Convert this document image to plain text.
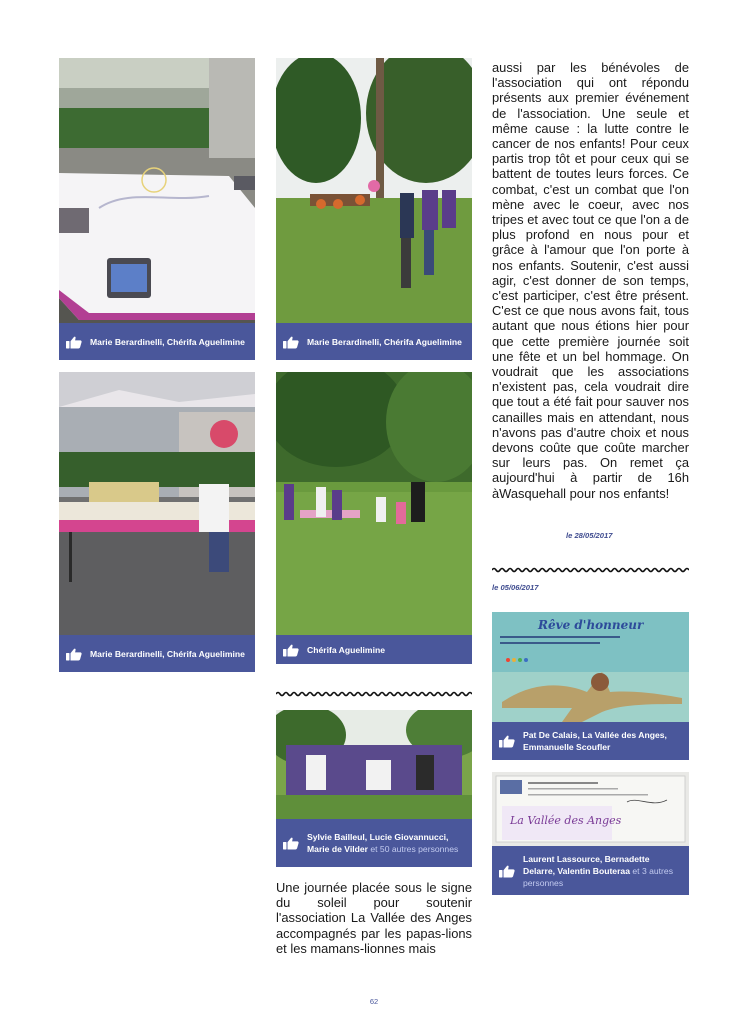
Marie Berardinelli, Chérifa Aguelimine	Marie Berardinelli, Chérifa Aguelimine
Marie Berardinelli, Chérifa Aguelimine	Chérifa Aguelimine
Sylvie Bailleul, Lucie Giovannucci, Marie de Vilder et 50 autres personnes

Une journée placée sous le signe du soleil pour soutenir l'association La Vallée des Anges accompagnés par les papas-lions et les mamans-lionnes mais

aussi par les bénévoles de l'association qui ont répondu présents aux premier événement de l'association. Une seule et même cause : la lutte contre le cancer de nos enfants! Pour ceux partis trop tôt et pour ceux qui se battent de toutes leurs forces. Ce combat, c'est un combat que l'on mène avec le coeur, avec nos tripes et avec tout ce que l'on a de plus profond en nous pour et grâce à l'amour que l'on porte à nos enfants. Soutenir, c'est aussi agir, c'est donner de son temps, c'est participer, c'est être présent. C'est ce que nous avons fait, tous autant que nous étions hier pour que cette première journée soit une fête et un bel hommage. On voudrait que les associations n'existent pas, cela voudrait dire que tout a été fait pour sauver nos canailles mais en attendant, nous n'avons pas d'autre choix et nous devons coûte que coûte marcher sur leurs pas. On remet ça aujourd'hui à partir de 16h àWasquehall pour nos enfants!

le 28/05/2017
le 05/06/2017
Rêve d'honneur
Pat De Calais, La Vallée des Anges, Emmanuelle Scoufler
La Vallée des Anges
Laurent Lassource, Bernadette Delarre, Valentin Bouteraa et 3 autres personnes
62
